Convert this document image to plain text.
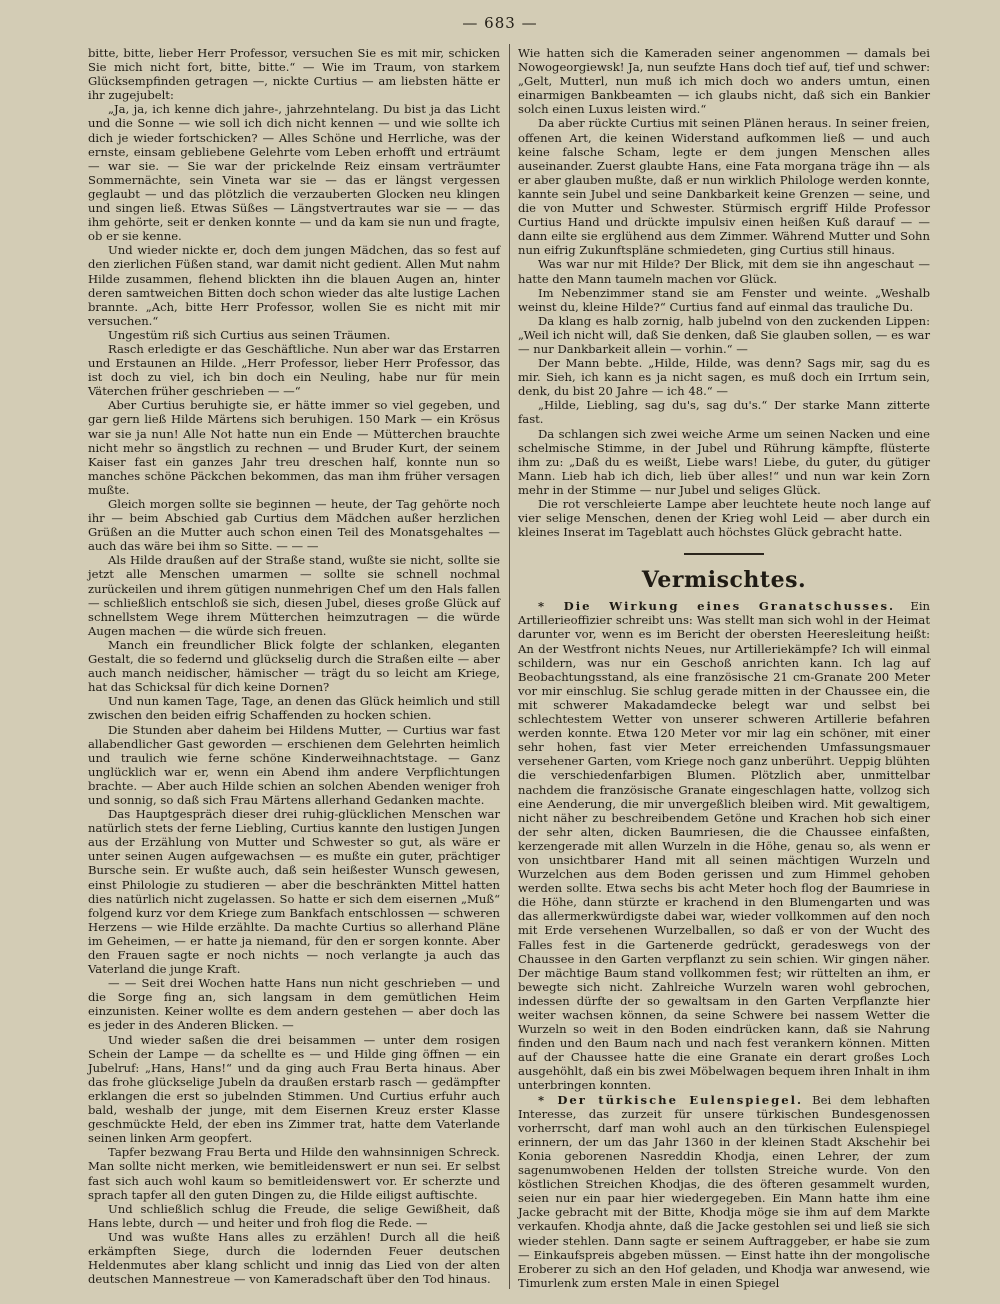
— 683 —

bitte, bitte, lieber Herr Professor, versuchen Sie es mit mir, schicken Sie mich nicht fort, bitte, bitte.“ — Wie im Traum, von starkem Glücksempfinden getragen —, nickte Curtius — am liebsten hätte er ihr zugejubelt:

„Ja, ja, ich kenne dich jahre-, jahrzehntelang. Du bist ja das Licht und die Sonne — wie soll ich dich nicht kennen — und wie sollte ich dich je wieder fortschicken? — Alles Schöne und Herrliche, was der ernste, einsam gebliebene Gelehrte vom Leben erhofft und erträumt — war sie. — Sie war der prickelnde Reiz einsam verträumter Sommernächte, sein Vineta war sie — das er längst vergessen geglaubt — und das plötzlich die verzauberten Glocken neu klingen und singen ließ. Etwas Süßes — Längstvertrautes war sie — — das ihm gehörte, seit er denken konnte — und da kam sie nun und fragte, ob er sie kenne.

Und wieder nickte er, doch dem jungen Mädchen, das so fest auf den zierlichen Füßen stand, war damit nicht gedient. Allen Mut nahm Hilde zusammen, flehend blickten ihn die blauen Augen an, hinter deren samtweichen Bitten doch schon wieder das alte lustige Lachen brannte. „Ach, bitte Herr Professor, wollen Sie es nicht mit mir versuchen.“

Ungestüm riß sich Curtius aus seinen Träumen.

Rasch erledigte er das Geschäftliche. Nun aber war das Erstarren und Erstaunen an Hilde. „Herr Professor, lieber Herr Professor, das ist doch zu viel, ich bin doch ein Neuling, habe nur für mein Väterchen früher geschrieben — —“

Aber Curtius beruhigte sie, er hätte immer so viel gegeben, und gar gern ließ Hilde Märtens sich beruhigen. 150 Mark — ein Krösus war sie ja nun! Alle Not hatte nun ein Ende — Mütterchen brauchte nicht mehr so ängstlich zu rechnen — und Bruder Kurt, der seinem Kaiser fast ein ganzes Jahr treu dreschen half, konnte nun so manches schöne Päckchen bekommen, das man ihm früher versagen mußte.

Gleich morgen sollte sie beginnen — heute, der Tag gehörte noch ihr — beim Abschied gab Curtius dem Mädchen außer herzlichen Grüßen an die Mutter auch schon einen Teil des Monatsgehaltes — auch das wäre bei ihm so Sitte. — — —

Als Hilde draußen auf der Straße stand, wußte sie nicht, sollte sie jetzt alle Menschen umarmen — sollte sie schnell nochmal zurückeilen und ihrem gütigen nunmehrigen Chef um den Hals fallen — schließlich entschloß sie sich, diesen Jubel, dieses große Glück auf schnellstem Wege ihrem Mütterchen heimzutragen — die würde Augen machen — die würde sich freuen.

Manch ein freundlicher Blick folgte der schlanken, eleganten Gestalt, die so federnd und glückselig durch die Straßen eilte — aber auch manch neidischer, hämischer — trägt du so leicht am Kriege, hat das Schicksal für dich keine Dornen?

Und nun kamen Tage, Tage, an denen das Glück heimlich und still zwischen den beiden eifrig Schaffenden zu hocken schien.

Die Stunden aber daheim bei Hildens Mutter, — Curtius war fast allabendlicher Gast geworden — erschienen dem Gelehrten heimlich und traulich wie ferne schöne Kinderweihnachtstage. — Ganz unglücklich war er, wenn ein Abend ihm andere Verpflichtungen brachte. — Aber auch Hilde schien an solchen Abenden weniger froh und sonnig, so daß sich Frau Märtens allerhand Gedanken machte.

Das Hauptgespräch dieser drei ruhig-glücklichen Menschen war natürlich stets der ferne Liebling, Curtius kannte den lustigen Jungen aus der Erzählung von Mutter und Schwester so gut, als wäre er unter seinen Augen aufgewachsen — es mußte ein guter, prächtiger Bursche sein. Er wußte auch, daß sein heißester Wunsch gewesen, einst Philologie zu studieren — aber die beschränkten Mittel hatten dies natürlich nicht zugelassen. So hatte er sich dem eisernen „Muß“ folgend kurz vor dem Kriege zum Bankfach entschlossen — schweren Herzens — wie Hilde erzählte. Da machte Curtius so allerhand Pläne im Geheimen, — er hatte ja niemand, für den er sorgen konnte. Aber den Frauen sagte er noch nichts — noch verlangte ja auch das Vaterland die junge Kraft.

— — Seit drei Wochen hatte Hans nun nicht geschrieben — und die Sorge fing an, sich langsam in dem gemütlichen Heim einzunisten. Keiner wollte es dem andern gestehen — aber doch las es jeder in des Anderen Blicken. —

Und wieder saßen die drei beisammen — unter dem rosigen Schein der Lampe — da schellte es — und Hilde ging öffnen — ein Jubelruf: „Hans, Hans!“ und da ging auch Frau Berta hinaus. Aber das frohe glückselige Jubeln da draußen erstarb rasch — gedämpfter erklangen die erst so jubelnden Stimmen. Und Curtius erfuhr auch bald, weshalb der junge, mit dem Eisernen Kreuz erster Klasse geschmückte Held, der eben ins Zimmer trat, hatte dem Vaterlande seinen linken Arm geopfert.

Tapfer bezwang Frau Berta und Hilde den wahnsinnigen Schreck. Man sollte nicht merken, wie bemitleidenswert er nun sei. Er selbst fast sich auch wohl kaum so bemitleidenswert vor. Er scherzte und sprach tapfer all den guten Dingen zu, die Hilde eiligst auftischte.

Und schließlich schlug die Freude, die selige Gewißheit, daß Hans lebte, durch — und heiter und froh flog die Rede. —

Und was wußte Hans alles zu erzählen! Durch all die heiß erkämpften Siege, durch die lodernden Feuer deutschen Heldenmutes aber klang schlicht und innig das Lied von der alten deutschen Mannestreue — von Kameradschaft über den Tod hinaus.

Wie hatten sich die Kameraden seiner angenommen — damals bei Nowogeorgiewsk! Ja, nun seufzte Hans doch tief auf, tief und schwer: „Gelt, Mutterl, nun muß ich mich doch wo anders umtun, einen einarmigen Bankbeamten — ich glaubs nicht, daß sich ein Bankier solch einen Luxus leisten wird.“

Da aber rückte Curtius mit seinen Plänen heraus. In seiner freien, offenen Art, die keinen Widerstand aufkommen ließ — und auch keine falsche Scham, legte er dem jungen Menschen alles auseinander. Zuerst glaubte Hans, eine Fata morgana träge ihn — als er aber glauben mußte, daß er nun wirklich Philologe werden konnte, kannte sein Jubel und seine Dankbarkeit keine Grenzen — seine, und die von Mutter und Schwester. Stürmisch ergriff Hilde Professor Curtius Hand und drückte impulsiv einen heißen Kuß darauf — — dann eilte sie erglühend aus dem Zimmer. Während Mutter und Sohn nun eifrig Zukunftspläne schmiedeten, ging Curtius still hinaus.

Was war nur mit Hilde? Der Blick, mit dem sie ihn angeschaut — hatte den Mann taumeln machen vor Glück.

Im Nebenzimmer stand sie am Fenster und weinte. „Weshalb weinst du, kleine Hilde?“ Curtius fand auf einmal das trauliche Du.

Da klang es halb zornig, halb jubelnd von den zuckenden Lippen: „Weil ich nicht will, daß Sie denken, daß Sie glauben sollen, — es war — nur Dankbarkeit allein — vorhin.“ —

Der Mann bebte. „Hilde, Hilde, was denn? Sags mir, sag du es mir. Sieh, ich kann es ja nicht sagen, es muß doch ein Irrtum sein, denk, du bist 20 Jahre — ich 48.“ —

„Hilde, Liebling, sag du's, sag du's.“ Der starke Mann zitterte fast.

Da schlangen sich zwei weiche Arme um seinen Nacken und eine schelmische Stimme, in der Jubel und Rührung kämpfte, flüsterte ihm zu: „Daß du es weißt, Liebe wars! Liebe, du guter, du gütiger Mann. Lieb hab ich dich, lieb über alles!“ und nun war kein Zorn mehr in der Stimme — nur Jubel und seliges Glück.

Die rot verschleierte Lampe aber leuchtete heute noch lange auf vier selige Menschen, denen der Krieg wohl Leid — aber durch ein kleines Inserat im Tageblatt auch höchstes Glück gebracht hatte.

Vermischtes.

* Die Wirkung eines Granatschusses. Ein Artillerieoffizier schreibt uns: Was stellt man sich wohl in der Heimat darunter vor, wenn es im Bericht der obersten Heeresleitung heißt: An der Westfront nichts Neues, nur Artilleriekämpfe? Ich will einmal schildern, was nur ein Geschoß anrichten kann. Ich lag auf Beobachtungsstand, als eine französische 21 cm-Granate 200 Meter vor mir einschlug. Sie schlug gerade mitten in der Chaussee ein, die mit schwerer Makadamdecke belegt war und selbst bei schlechtestem Wetter von unserer schweren Artillerie befahren werden konnte. Etwa 120 Meter vor mir lag ein schöner, mit einer sehr hohen, fast vier Meter erreichenden Umfassungsmauer versehener Garten, vom Kriege noch ganz unberührt. Ueppig blühten die verschiedenfarbigen Blumen. Plötzlich aber, unmittelbar nachdem die französische Granate eingeschlagen hatte, vollzog sich eine Aenderung, die mir unvergeßlich bleiben wird. Mit gewaltigem, nicht näher zu beschreibendem Getöne und Krachen hob sich einer der sehr alten, dicken Baumriesen, die die Chaussee einfaßten, kerzengerade mit allen Wurzeln in die Höhe, genau so, als wenn er von unsichtbarer Hand mit all seinen mächtigen Wurzeln und Wurzelchen aus dem Boden gerissen und zum Himmel gehoben werden sollte. Etwa sechs bis acht Meter hoch flog der Baumriese in die Höhe, dann stürzte er krachend in den Blumengarten und was das allermerkwürdigste dabei war, wieder vollkommen auf den noch mit Erde versehenen Wurzelballen, so daß er von der Wucht des Falles fest in die Gartenerde gedrückt, geradeswegs von der Chaussee in den Garten verpflanzt zu sein schien. Wir gingen näher. Der mächtige Baum stand vollkommen fest; wir rüttelten an ihm, er bewegte sich nicht. Zahlreiche Wurzeln waren wohl gebrochen, indessen dürfte der so gewaltsam in den Garten Verpflanzte hier weiter wachsen können, da seine Schwere bei nassem Wetter die Wurzeln so weit in den Boden eindrücken kann, daß sie Nahrung finden und den Baum nach und nach fest verankern können. Mitten auf der Chaussee hatte die eine Granate ein derart großes Loch ausgehöhlt, daß ein bis zwei Möbelwagen bequem ihren Inhalt in ihm unterbringen konnten.

* Der türkische Eulenspiegel. Bei dem lebhaften Interesse, das zurzeit für unsere türkischen Bundesgenossen vorherrscht, darf man wohl auch an den türkischen Eulenspiegel erinnern, der um das Jahr 1360 in der kleinen Stadt Akschehir bei Konia geborenen Nasreddin Khodja, einen Lehrer, der zum sagenumwobenen Helden der tollsten Streiche wurde. Von den köstlichen Streichen Khodjas, die des öfteren gesammelt wurden, seien nur ein paar hier wiedergegeben. Ein Mann hatte ihm eine Jacke gebracht mit der Bitte, Khodja möge sie ihm auf dem Markte verkaufen. Khodja ahnte, daß die Jacke gestohlen sei und ließ sie sich wieder stehlen. Dann sagte er seinem Auftraggeber, er habe sie zum — Einkaufspreis abgeben müssen. — Einst hatte ihn der mongolische Eroberer zu sich an den Hof geladen, und Khodja war anwesend, wie Timurlenk zum ersten Male in einen Spiegel
